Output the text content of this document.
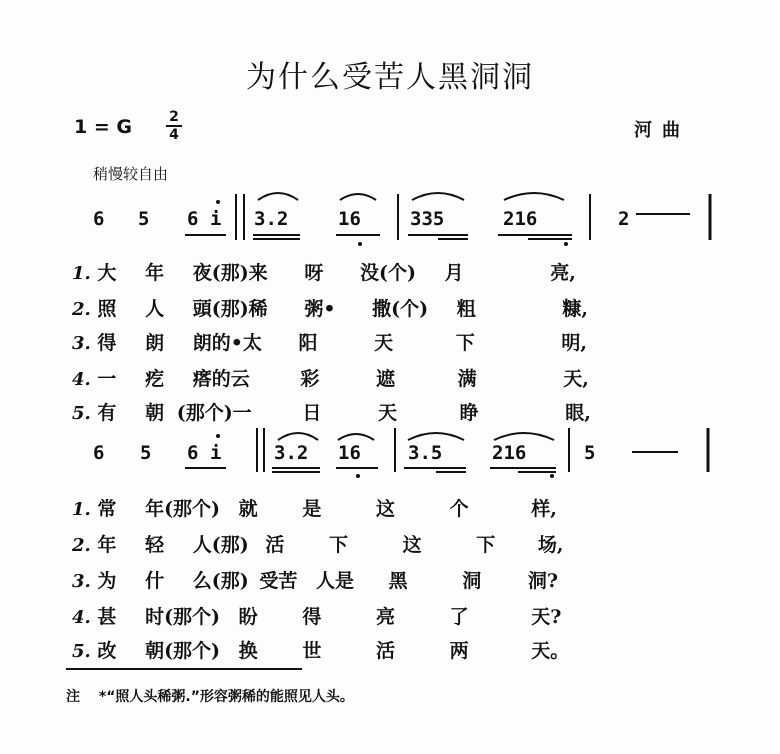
为什么受苦人黑洞洞
1 = G	2
4	河曲
稍慢较自由
6 5 6 i 3.2	16	335	216	2
1. 大 年 夜(那)来 呀 没(个) 月	亮,
2. 照 人 頭(那)稀 粥• 撒(个) 粗	糠,
3. 得 朗 朗的•太 阳	天	下	明,
4. 一 疙 瘩的云	彩	遮	满	天,
5. 有 朝 (那个)一	日	天	睁	眼,
6 5 6 i	3.2 16 3.5	216	5
1. 常 年(那个) 就 是	这	个	样,
2. 年 轻 人(那) 活 下	这	下 场,
3. 为 什 么(那) 受苦 人是 黑	洞 洞?
4. 甚 时(那个) 盼 得	亮	了	天?
5. 改 朝(那个) 换 世	活	两	天。
注 *“照人头稀粥.”形容粥稀的能照见人头。
